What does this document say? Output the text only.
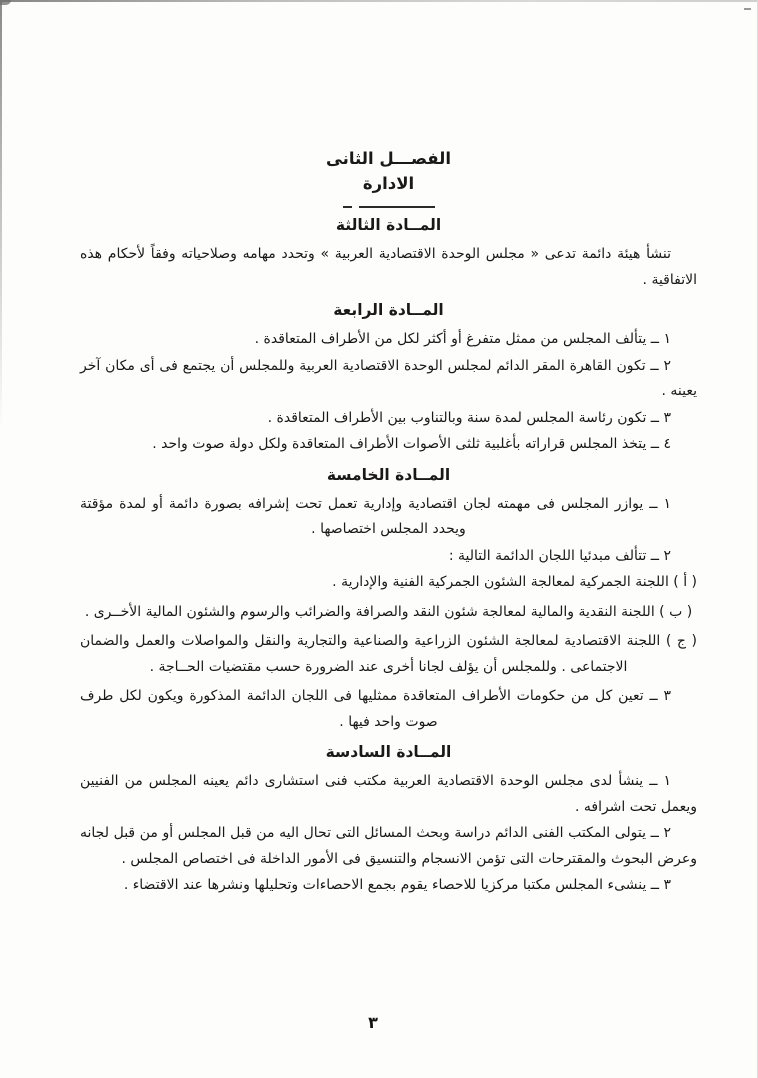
الفصـــل الثانى
الادارة
المــادة الثالثة

تنشأ هيئة دائمة تدعى « مجلس الوحدة الاقتصادية العربية » وتحدد مهامه وصلاحياته وفقاً لأحكام هذه الاتفاقية .

المــادة الرابعة

١ ــ يتألف المجلس من ممثل متفرغ أو أكثر لكل من الأطراف المتعاقدة .

٢ ــ تكون القاهرة المقر الدائم لمجلس الوحدة الاقتصادية العربية وللمجلس أن يجتمع فى أى مكان آخر يعينه .

٣ ــ تكون رئاسة المجلس لمدة سنة وبالتناوب بين الأطراف المتعاقدة .

٤ ــ يتخذ المجلس قراراته بأغلبية ثلثى الأصوات الأطراف المتعاقدة ولكل دولة صوت واحد .

المــادة الخامسة

١ ــ يوازر المجلس فى مهمته لجان اقتصادية وإدارية تعمل تحت إشرافه بصورة دائمة أو لمدة مؤقتة ويحدد المجلس اختصاصها .

٢ ــ تتألف مبدئيا اللجان الدائمة التالية :

( أ ) اللجنة الجمركية لمعالجة الشئون الجمركية الفنية والإدارية .

( ب ) اللجنة النقدية والمالية لمعالجة شئون النقد والصرافة والضرائب والرسوم والشئون المالية الأخــرى .

( ج ) اللجنة الاقتصادية لمعالجة الشئون الزراعية والصناعية والتجارية والنقل والمواصلات والعمل والضمان الاجتماعى . وللمجلس أن يؤلف لجانا أخرى عند الضرورة حسب مقتضيات الحــاجة .

٣ ــ تعين كل من حكومات الأطراف المتعاقدة ممثليها فى اللجان الدائمة المذكورة ويكون لكل طرف صوت واحد فيها .

المــادة السادسة

١ ــ ينشأ لدى مجلس الوحدة الاقتصادية العربية مكتب فنى استشارى دائم يعينه المجلس من الفنيين ويعمل تحت اشرافه .

٢ ــ يتولى المكتب الفنى الدائم دراسة وبحث المسائل التى تحال اليه من قبل المجلس أو من قبل لجانه وعرض البحوث والمقترحات التى تؤمن الانسجام والتنسيق فى الأمور الداخلة فى اختصاص المجلس .

٣ ــ ينشىء المجلس مكتبا مركزيا للاحصاء يقوم بجمع الاحصاءات وتحليلها ونشرها عند الاقتضاء .

٣
